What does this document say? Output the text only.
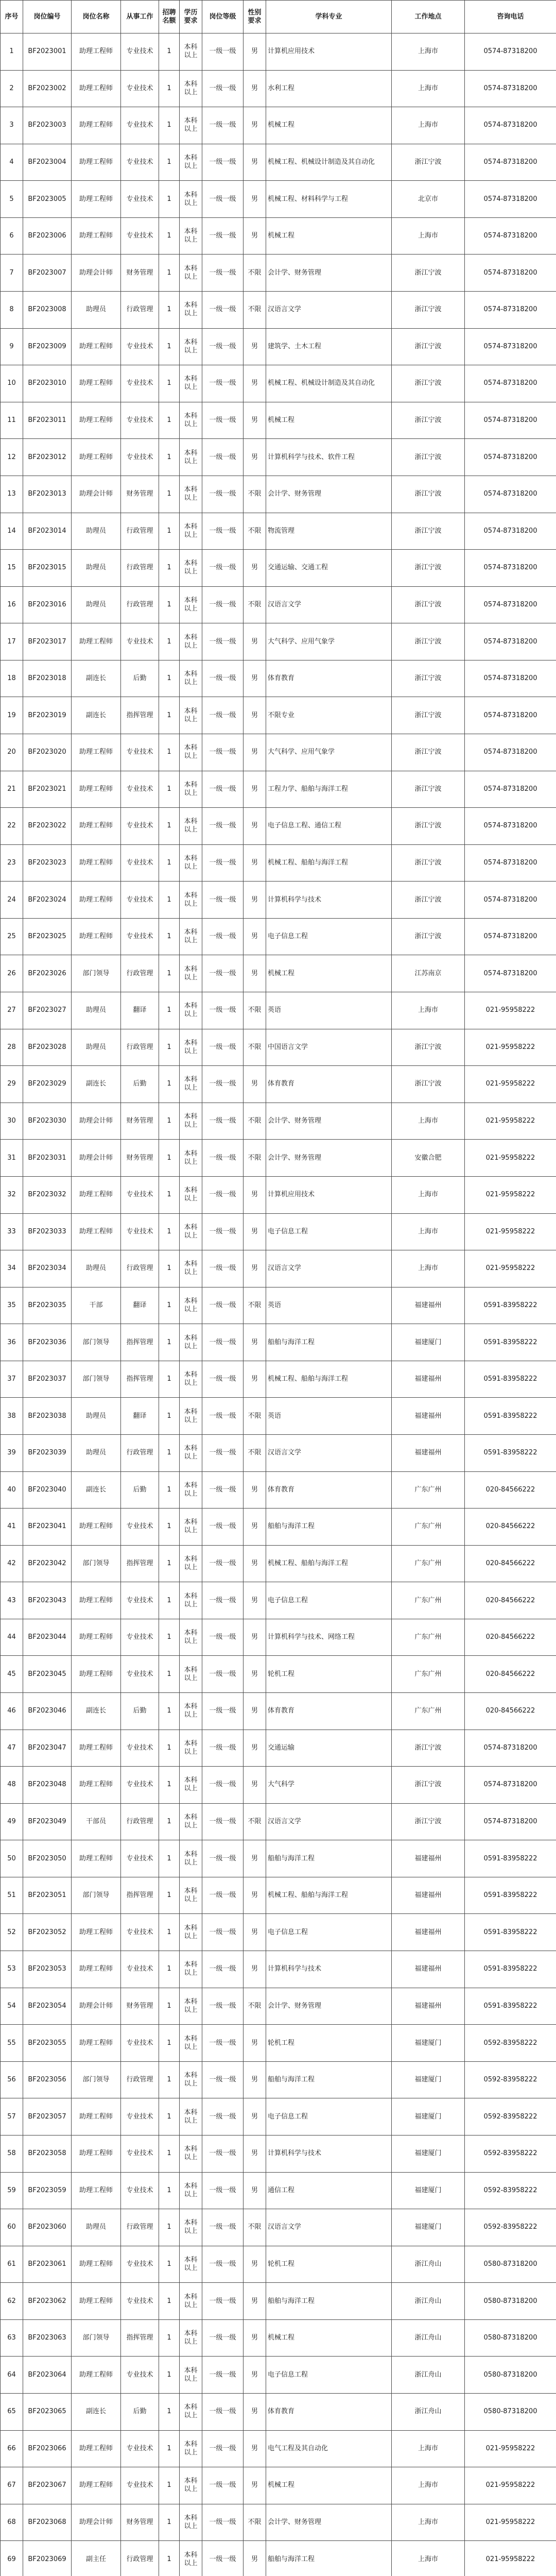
序号	岗位编号	岗位名称	从事工作	招聘名额	学历要求	岗位等级	性别要求	学科专业	工作地点	咨询电话
1	BF2023001	助理工程师	专业技术	1	本科以上	一级一级	男	计算机应用技术	上海市	0574-87318200
2	BF2023002	助理工程师	专业技术	1	本科以上	一级一级	男	水利工程	上海市	0574-87318200
3	BF2023003	助理工程师	专业技术	1	本科以上	一级一级	男	机械工程	上海市	0574-87318200
4	BF2023004	助理工程师	专业技术	1	本科以上	一级一级	男	机械工程、机械设计制造及其自动化	浙江宁波	0574-87318200
5	BF2023005	助理工程师	专业技术	1	本科以上	一级一级	男	机械工程、材料科学与工程	北京市	0574-87318200
6	BF2023006	助理工程师	专业技术	1	本科以上	一级一级	男	机械工程	上海市	0574-87318200
7	BF2023007	助理会计师	财务管理	1	本科以上	一级一级	不限	会计学、财务管理	浙江宁波	0574-87318200
8	BF2023008	助理员	行政管理	1	本科以上	一级一级	不限	汉语言文学	浙江宁波	0574-87318200
9	BF2023009	助理工程师	专业技术	1	本科以上	一级一级	男	建筑学、土木工程	浙江宁波	0574-87318200
10	BF2023010	助理工程师	专业技术	1	本科以上	一级一级	男	机械工程、机械设计制造及其自动化	浙江宁波	0574-87318200
11	BF2023011	助理工程师	专业技术	1	本科以上	一级一级	男	机械工程	浙江宁波	0574-87318200
12	BF2023012	助理工程师	专业技术	1	本科以上	一级一级	男	计算机科学与技术、软件工程	浙江宁波	0574-87318200
13	BF2023013	助理会计师	财务管理	1	本科以上	一级一级	不限	会计学、财务管理	浙江宁波	0574-87318200
14	BF2023014	助理员	行政管理	1	本科以上	一级一级	不限	物流管理	浙江宁波	0574-87318200
15	BF2023015	助理员	行政管理	1	本科以上	一级一级	男	交通运输、交通工程	浙江宁波	0574-87318200
16	BF2023016	助理员	行政管理	1	本科以上	一级一级	不限	汉语言文学	浙江宁波	0574-87318200
17	BF2023017	助理工程师	专业技术	1	本科以上	一级一级	男	大气科学、应用气象学	浙江宁波	0574-87318200
18	BF2023018	副连长	后勤	1	本科以上	一级一级	男	体育教育	浙江宁波	0574-87318200
19	BF2023019	副连长	指挥管理	1	本科以上	一级一级	男	不限专业	浙江宁波	0574-87318200
20	BF2023020	助理工程师	专业技术	1	本科以上	一级一级	男	大气科学、应用气象学	浙江宁波	0574-87318200
21	BF2023021	助理工程师	专业技术	1	本科以上	一级一级	男	工程力学、船舶与海洋工程	浙江宁波	0574-87318200
22	BF2023022	助理工程师	专业技术	1	本科以上	一级一级	男	电子信息工程、通信工程	浙江宁波	0574-87318200
23	BF2023023	助理工程师	专业技术	1	本科以上	一级一级	男	机械工程、船舶与海洋工程	浙江宁波	0574-87318200
24	BF2023024	助理工程师	专业技术	1	本科以上	一级一级	男	计算机科学与技术	浙江宁波	0574-87318200
25	BF2023025	助理工程师	专业技术	1	本科以上	一级一级	男	电子信息工程	浙江宁波	0574-87318200
26	BF2023026	部门领导	行政管理	1	本科以上	一级一级	男	机械工程	江苏南京	0574-87318200
27	BF2023027	助理员	翻译	1	本科以上	一级一级	不限	英语	上海市	021-95958222
28	BF2023028	助理员	行政管理	1	本科以上	一级一级	不限	中国语言文学	浙江宁波	021-95958222
29	BF2023029	副连长	后勤	1	本科以上	一级一级	男	体育教育	浙江宁波	021-95958222
30	BF2023030	助理会计师	财务管理	1	本科以上	一级一级	不限	会计学、财务管理	上海市	021-95958222
31	BF2023031	助理会计师	财务管理	1	本科以上	一级一级	不限	会计学、财务管理	安徽合肥	021-95958222
32	BF2023032	助理工程师	专业技术	1	本科以上	一级一级	男	计算机应用技术	上海市	021-95958222
33	BF2023033	助理工程师	专业技术	1	本科以上	一级一级	男	电子信息工程	上海市	021-95958222
34	BF2023034	助理员	行政管理	1	本科以上	一级一级	男	汉语言文学	上海市	021-95958222
35	BF2023035	干部	翻译	1	本科以上	一级一级	不限	英语	福建福州	0591-83958222
36	BF2023036	部门领导	指挥管理	1	本科以上	一级一级	男	船舶与海洋工程	福建厦门	0591-83958222
37	BF2023037	部门领导	指挥管理	1	本科以上	一级一级	男	机械工程、船舶与海洋工程	福建福州	0591-83958222
38	BF2023038	助理员	翻译	1	本科以上	一级一级	不限	英语	福建福州	0591-83958222
39	BF2023039	助理员	行政管理	1	本科以上	一级一级	不限	汉语言文学	福建福州	0591-83958222
40	BF2023040	副连长	后勤	1	本科以上	一级一级	男	体育教育	广东广州	020-84566222
41	BF2023041	助理工程师	专业技术	1	本科以上	一级一级	男	船舶与海洋工程	广东广州	020-84566222
42	BF2023042	部门领导	指挥管理	1	本科以上	一级一级	男	机械工程、船舶与海洋工程	广东广州	020-84566222
43	BF2023043	助理工程师	专业技术	1	本科以上	一级一级	男	电子信息工程	广东广州	020-84566222
44	BF2023044	助理工程师	专业技术	1	本科以上	一级一级	男	计算机科学与技术、网络工程	广东广州	020-84566222
45	BF2023045	助理工程师	专业技术	1	本科以上	一级一级	男	轮机工程	广东广州	020-84566222
46	BF2023046	副连长	后勤	1	本科以上	一级一级	男	体育教育	广东广州	020-84566222
47	BF2023047	助理工程师	专业技术	1	本科以上	一级一级	男	交通运输	浙江宁波	0574-87318200
48	BF2023048	助理工程师	专业技术	1	本科以上	一级一级	男	大气科学	浙江宁波	0574-87318200
49	BF2023049	干部员	行政管理	1	本科以上	一级一级	不限	汉语言文学	浙江宁波	0574-87318200
50	BF2023050	助理工程师	专业技术	1	本科以上	一级一级	男	船舶与海洋工程	福建福州	0591-83958222
51	BF2023051	部门领导	指挥管理	1	本科以上	一级一级	男	机械工程、船舶与海洋工程	福建福州	0591-83958222
52	BF2023052	助理工程师	专业技术	1	本科以上	一级一级	男	电子信息工程	福建福州	0591-83958222
53	BF2023053	助理工程师	专业技术	1	本科以上	一级一级	男	计算机科学与技术	福建福州	0591-83958222
54	BF2023054	助理会计师	财务管理	1	本科以上	一级一级	不限	会计学、财务管理	福建福州	0591-83958222
55	BF2023055	助理工程师	专业技术	1	本科以上	一级一级	男	轮机工程	福建厦门	0592-83958222
56	BF2023056	部门领导	行政管理	1	本科以上	一级一级	男	船舶与海洋工程	福建厦门	0592-83958222
57	BF2023057	助理工程师	专业技术	1	本科以上	一级一级	男	电子信息工程	福建厦门	0592-83958222
58	BF2023058	助理工程师	专业技术	1	本科以上	一级一级	男	计算机科学与技术	福建厦门	0592-83958222
59	BF2023059	助理工程师	专业技术	1	本科以上	一级一级	男	通信工程	福建厦门	0592-83958222
60	BF2023060	助理员	行政管理	1	本科以上	一级一级	不限	汉语言文学	福建厦门	0592-83958222
61	BF2023061	助理工程师	专业技术	1	本科以上	一级一级	男	轮机工程	浙江舟山	0580-87318200
62	BF2023062	助理工程师	专业技术	1	本科以上	一级一级	男	船舶与海洋工程	浙江舟山	0580-87318200
63	BF2023063	部门领导	指挥管理	1	本科以上	一级一级	男	机械工程	浙江舟山	0580-87318200
64	BF2023064	助理工程师	专业技术	1	本科以上	一级一级	男	电子信息工程	浙江舟山	0580-87318200
65	BF2023065	副连长	后勤	1	本科以上	一级一级	男	体育教育	浙江舟山	0580-87318200
66	BF2023066	助理工程师	专业技术	1	本科以上	一级一级	男	电气工程及其自动化	上海市	021-95958222
67	BF2023067	助理工程师	专业技术	1	本科以上	一级一级	男	机械工程	上海市	021-95958222
68	BF2023068	助理会计师	财务管理	1	本科以上	一级一级	不限	会计学、财务管理	上海市	021-95958222
69	BF2023069	副主任	行政管理	1	本科以上	一级一级	男	船舶与海洋工程	上海市	021-95958222
